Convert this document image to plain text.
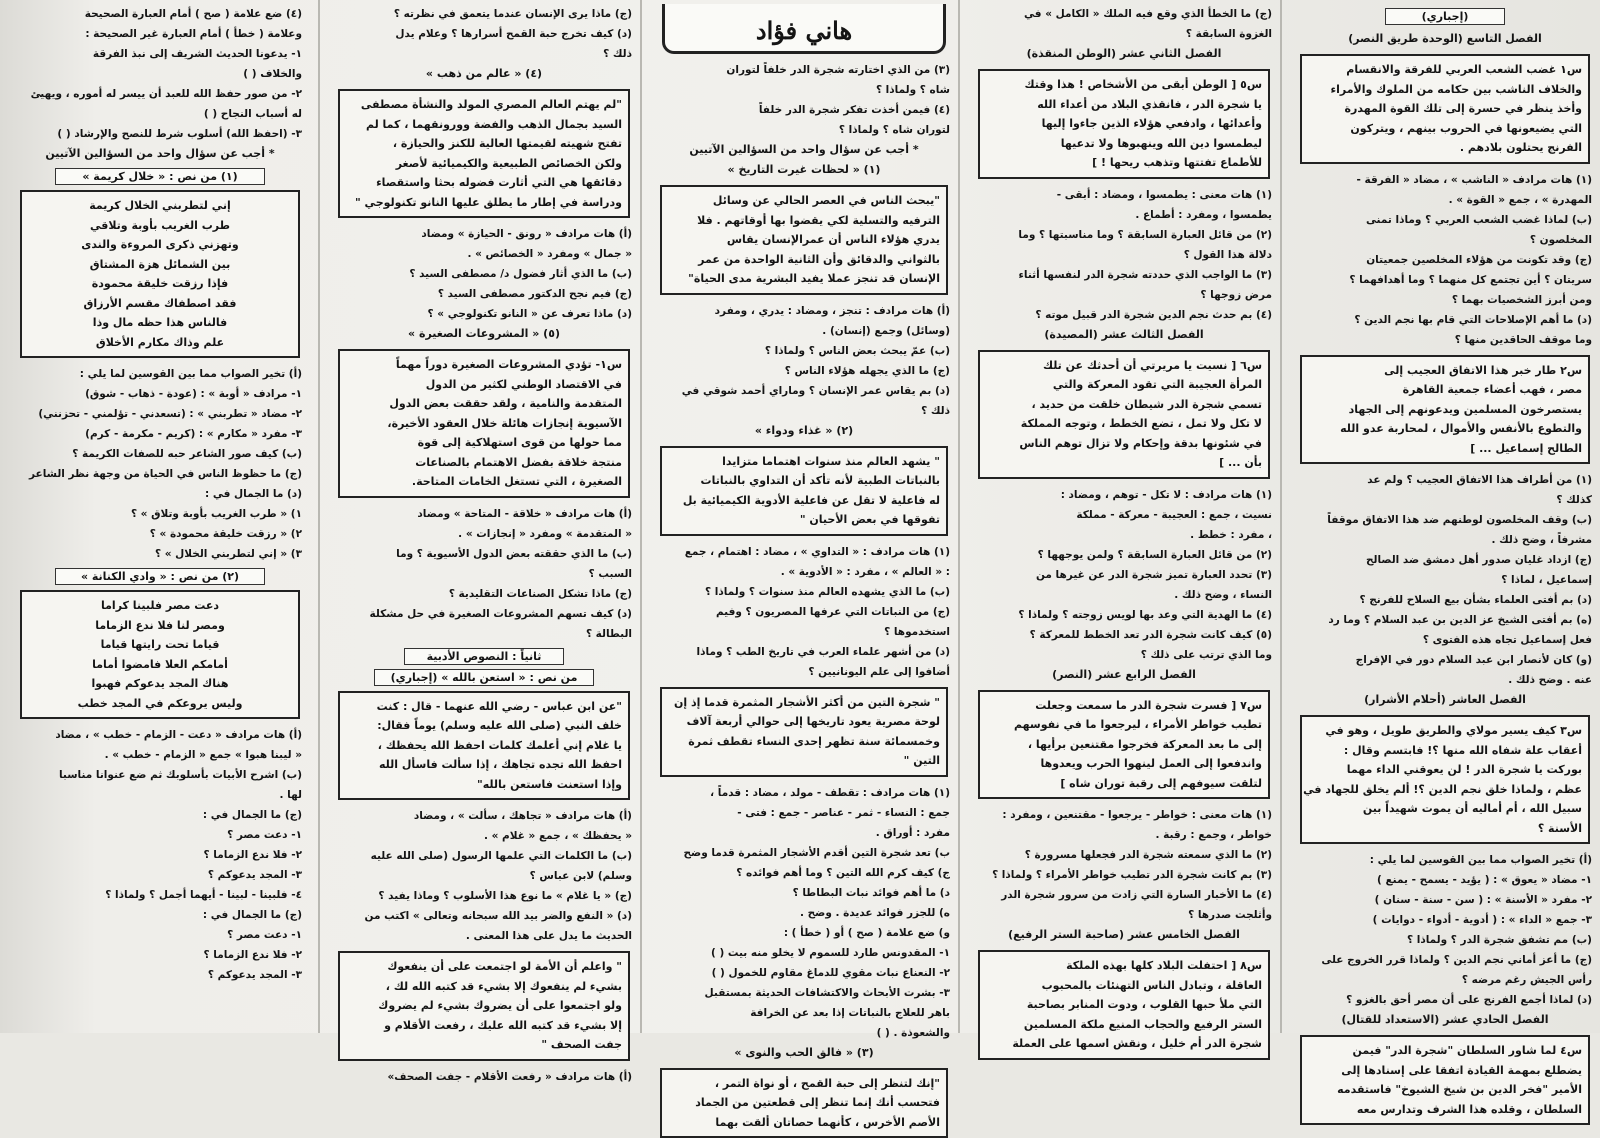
(إجباري)
الفصل التاسع (الوحدة طريق النصر)
س١ غضب الشعب العربي للفرقة والانقسام
والخلاف الناشب بين حكامه من الملوك والأمراء
وأخذ ينظر في حسرة إلى تلك القوة المهدرة
التي يضيعونها في الحروب بينهم ، ويتركون
الفرنج يحتلون بلادهم .
(١) هات مرادف « الناشب » ، مضاد « الفرقة -
المهدرة » ، جمع « القوة » .
(ب) لماذا غضب الشعب العربي ؟ وماذا تمنى
المخلصون ؟
(ج) وقد تكونت من هؤلاء المخلصين جمعيتان
سريتان ؟ أين تجتمع كل منهما ؟ وما أهدافهما ؟
ومن أبرز الشخصيات بهما ؟
(د) ما أهم الإصلاحات التي قام بها نجم الدين ؟
وما موقف الحاقدين منها ؟
س٢ طار خبر هذا الاتفاق العجيب إلى
مصر ، فهب أعضاء جمعية القاهرة
يستصرخون المسلمين ويدعونهم إلى الجهاد
والتطوع بالأنفس والأموال ، لمحاربة عدو الله
الطالح إسماعيل ... ]
(١) من أطراف هذا الاتفاق العجيب ؟ ولم عد
كذلك ؟
(ب) وقف المخلصون لوطنهم ضد هذا الاتفاق موقفاً
مشرفاً ، وضح ذلك .
(ج) ازداد غليان صدور أهل دمشق ضد الصالح
إسماعيل ، لماذا ؟
(د) بم أفتى العلماء بشأن بيع السلاح للفرنج ؟
(ه) بم أفتى الشيخ عز الدين بن عبد السلام ؟ وما رد
فعل إسماعيل تجاه هذه الفتوى ؟
(و) كان لأنصار ابن عبد السلام دور في الإفراج
عنه . وضح ذلك .
الفصل العاشر (أحلام الأشرار)
س٣ كيف يسير مولاي والطريق طويل ، وهو في
أعقاب علة شفاه الله منها ؟! فابتسم وقال :
بوركت يا شجرة الدر ! لن يعوقني الداء مهما
عظم ، ولماذا خلق نجم الدين ؟! ألم يخلق للجهاد في
سبيل الله ، أم أماليه أن يموت شهيداً بين
الأسنة ؟
(أ) تخير الصواب مما بين القوسين لما يلي :
١- مضاد « يعوق » : ( يؤيد - يسمح - يمنع )
٢- مفرد « الأسنة » : ( سن - سنة - سنان )
٣- جمع « الداء » : ( أدوية - أدواء - دوايات )
(ب) مم تشفق شجرة الدر ؟ ولماذا ؟
(ج) ما أعز أماني نجم الدين ؟ ولماذا قرر الخروج على
رأس الجيش رغم مرضه ؟
(د) لماذا أجمع الفرنج على أن مصر أحق بالغزو ؟
الفصل الحادي عشر (الاستعداد للقتال)
س٤ لما شاور السلطان "شجرة الدر" فيمن
يضطلع بمهمة القيادة اتفقا على إسنادها إلى
الأمير "فخر الدين بن شيخ الشيوخ" فاستقدمه
السلطان ، وقلده هذا الشرف وتدارس معه
(ج) ما الخطأ الذي وقع فيه الملك « الكامل » في
الغزوة السابقة ؟
الفصل الثاني عشر (الوطن المنقذة)
س٥ [ الوطن أبقى من الأشخاص ! هذا وقتك
يا شجرة الدر ، فانقذي البلاد من أعداء الله
وأعدائها ، وادفعي هؤلاء الذين جاءوا إليها
ليطمسوا دين الله وينهبوها ولا تدعيها
للأطماع تفتتها وتذهب ريحها ! ]
(١) هات معنى : يطمسوا ، ومضاد : أبقى -
يطمسوا ، ومفرد : أطماع .
(٢) من قائل العبارة السابقة ؟ وما مناسبتها ؟ وما
دلالة هذا القول ؟
(٣) ما الواجب الذي حددته شجرة الدر لنفسها أثناء
مرض زوجها ؟
(٤) بم حدث نجم الدين شجرة الدر قبيل موته ؟
الفصل الثالث عشر (المصيدة)
س٦ [ نسيت يا مريرتي أن أحدثك عن تلك
المرأة العجيبة التي تقود المعركة والتي
تسمي شجرة الدر شيطان خلقت من حديد ،
لا تكل ولا تمل ، تضع الخطط ، وتوجه المملكة
في شئونها بدقة وإحكام ولا تزال توهم الناس
بأن ... ]
(١) هات مرادف : لا تكل - توهم ، ومضاد :
نسيت ، جمع : العجيبة - معركة - مملكة
، مفرد : خطط .
(٢) من قائل العبارة السابقة ؟ ولمن يوجهها ؟
(٣) تحدد العبارة تميز شجرة الدر عن غيرها من
النساء ، وضح ذلك .
(٤) ما الهدية التي وعد بها لويس زوجته ؟ ولماذا ؟
(٥) كيف كانت شجرة الدر تعد الخطط للمعركة ؟
وما الذي ترتب على ذلك ؟
الفصل الرابع عشر (النصر)
س٧ [ فسرت شجرة الدر ما سمعت وجعلت
تطيب خواطر الأمراء ، ليرجعوا ما في نفوسهم
إلى ما بعد المعركة فخرجوا مقتنعين برأيها ،
واندفعوا إلى العمل لينهوا الحرب ويعدوها
لتلقت سيوفهم إلى رقبة توران شاه ]
(١) هات معنى : خواطر - يرجعوا - مقتنعين ، ومفرد :
خواطر ، وجمع : رقبة .
(٢) ما الذي سمعته شجرة الدر فجعلها مسرورة ؟
(٣) بم كانت شجرة الدر تطيب خواطر الأمراء ؟ ولماذا ؟
(٤) ما الأخبار السارة التي زادت من سرور شجرة الدر
وأثلجت صدرها ؟
الفصل الخامس عشر (صاحبة الستر الرفيع)
س٨ [ احتفلت البلاد كلها بهذه الملكة
العاقلة ، وتبادل الناس التهنئات بالمحبوب
التي ملأ حبها القلوب ، ودوت المنابر بصاحبة
الستر الرفيع والحجاب المنيع ملكة المسلمين
شجرة الدر أم خليل ، ونقش اسمها على العملة
هاني فؤاد
(٣) من الذي اختارته شجرة الدر خلفاً لتوران
شاه ؟ ولماذا ؟
(٤) فيمن أخذت تفكر شجرة الدر خلفاً
لتوران شاه ؟ ولماذا ؟
* أجب عن سؤال واحد من السؤالين الآتيين
(١) « لحظات غيرت التاريخ »
"يبحث الناس في العصر الحالي عن وسائل
الترفيه والتسلية لكي يقضوا بها أوقاتهم . فلا
يدري هؤلاء الناس أن عمرالإنسان يقاس
بالثواني والدقائق وأن الثانية الواحدة من عمر
الإنسان قد تنجز عملا يفيد البشرية مدى الحياة"
(أ) هات مرادف : تنجز ، ومضاد : يدري ، ومفرد
(وسائل) وجمع (إنسان) .
(ب) عمّ يبحث بعض الناس ؟ ولماذا ؟
(ج) ما الذي يجهله هؤلاء الناس ؟
(د) بم يقاس عمر الإنسان ؟ وماراي أحمد شوقي في
ذلك ؟
(٢) « غذاء ودواء »
" يشهد العالم منذ سنوات اهتماما متزايدا
بالنباتات الطبية لأنه تأكد أن التداوي بالنباتات
له فاعلية لا تقل عن فاعلية الأدوية الكيميائية بل
تفوقها في بعض الأحيان "
(١) هات مرادف : « التداوي » ، مضاد : اهتمام ، جمع
: « العالم » ، مفرد : « الأدوية » .
(ب) ما الذي يشهده العالم منذ سنوات ؟ ولماذا ؟
(ج) من النباتات التي عرفها المصريون ؟ وفيم
استخدموها ؟
(د) من أشهر علماء العرب في تاريخ الطب ؟ وماذا
أضافوا إلى علم اليونانيين ؟
" شجرة التين من أكثر الأشجار المثمرة قدما إذ إن
لوحة مصرية يعود تاريخها إلى حوالي أربعة آلاف
وخمسمائة سنة تظهر إحدى النساء تقطف ثمرة
التين "
(١) هات مرادف : تقطف - مولد ، مضاد : قدماً ،
جمع : النساء - ثمر - عناصر - جمع : فتى -
مفرد : أوراق .
ب) تعد شجرة التين أقدم الأشجار المثمرة قدما وضح
ج) كيف كرم الله التين ؟ وما أهم فوائده ؟
د) ما أهم فوائد نبات البطاطا ؟
ه) للجزر فوائد عديدة . وضح .
و) ضع علامة ( صح ) أو ( خطأ ) :
١- المقدونس طارد للسموم لا يخلو منه بيت ( )
٢- النعناع نبات مقوي للدماغ مقاوم للخمول ( )
٣- بشرت الأبحاث والاكتشافات الحديثة بمستقبل
باهر للعلاج بالنباتات إذا بعد عن الخرافة
والشعوذة . ( )
(٣) « فالق الحب والنوى »
"إنك لتنظر إلى حبة القمح ، أو نواة التمر ،
فتحسب أنك إنما تنظر إلى قطعتين من الجماد
الأصم الأخرس ، كأنهما حصاتان ألقت بهما
(ج) ماذا يرى الإنسان عندما يتعمق في نظرته ؟
(د) كيف تخرج حبة القمح أسرارها ؟ وعلام يدل
ذلك ؟
(٤) « عالم من ذهب »
"لم يهتم العالم المصري المولد والنشأة مصطفى
السيد بجمال الذهب والفضة وورونقهما ، كما لم
تفتح شهيته لقيمتها العالية للكنز والحيازة ،
ولكن الخصائص الطبيعية والكيميائية لأصغر
دقائقها هي التي أثارت فضوله بحثا واستقصاء
ودراسة في إطار ما يطلق عليها النانو تكنولوجي "
(أ) هات مرادف « رونق - الحيازة » ومضاد
« جمال » ومفرد « الخصائص » .
(ب) ما الذي أثار فضول د/ مصطفى السيد ؟
(ج) فيم نجح الدكتور مصطفى السيد ؟
(د) ماذا تعرف عن « النانو تكنولوجي » ؟
(٥) « المشروعات الصغيرة »
س١- تؤدي المشروعات الصغيرة دوراً مهماً
في الاقتصاد الوطني لكثير من الدول
المتقدمة والنامية ، ولقد حققت بعض الدول
الآسيوية إنجازات هائلة خلال العقود الأخيرة،
مما حولها من قوى استهلاكية إلى قوة
منتجة خلاقة بفضل الاهتمام بالصناعات
الصغيرة ، التي تستغل الخامات المتاحة.
(أ) هات مرادف « خلاقة - المتاحة » ومضاد
« المتقدمة » ومفرد « إنجازات » .
(ب) ما الذي حققته بعض الدول الأسيوية ؟ وما
السبب ؟
(ج) ماذا تشكل الصناعات التقليدية ؟
(د) كيف تسهم المشروعات الصغيرة في حل مشكلة
البطالة ؟
ثانياً : النصوص الأدبية
من نص : « استعن بالله » (إجباري)
"عن ابن عباس - رضي الله عنهما - قال : كنت
خلف النبي (صلى الله عليه وسلم) يوماً فقال:
يا غلام إني أعلمك كلمات احفظ الله يحفظك ،
احفظ الله تجده تجاهك ، إذا سألت فاسأل الله
وإذا استعنت فاستعن بالله"
(أ) هات مرادف « تجاهك ، سألت » ، ومضاد
« يحفظك » ، جمع « غلام » .
(ب) ما الكلمات التي علمها الرسول (صلى الله عليه
وسلم) لابن عباس ؟
(ج) « يا غلام » ما نوع هذا الأسلوب ؟ وماذا يفيد ؟
(د) « النفع والضر بيد الله سبحانه وتعالى » اكتب من
الحديث ما يدل على هذا المعنى .
" واعلم أن الأمة لو اجتمعت على أن ينفعوك
بشيء لم ينفعوك إلا بشيء قد كتبه الله لك ،
ولو اجتمعوا على أن يضروك بشيء لم يضروك
إلا بشيء قد كتبه الله عليك ، رفعت الأقلام و
جفت الصحف "
(أ) هات مرادف « رفعت الأقلام - جفت الصحف»
(٤) ضع علامة ( صح ) أمام العبارة الصحيحة
وعلامة ( خطأ ) أمام العبارة غير الصحيحة :
١- يدعونا الحديث الشريف إلى نبذ الفرقة
والخلاف ( )
٢- من صور حفظ الله للعبد أن ييسر له أموره ، ويهيئ
له أسباب النجاح ( )
٣- (احفظ الله) أسلوب شرط للنصح والإرشاد ( )
* أجب عن سؤال واحد من السؤالين الآتيين
(١) من نص : « خلال كريمة »
إني لتطربني الخلال كريمة
طرب الغريب بأوبة وتلاقي
وتهزني ذكرى المروءة والندى
بين الشمائل هزة المشتاق
فإذا رزقت خليقة محمودة
فقد اصطفاك مقسم الأرزاق
فالناس هذا حظه مال وذا
علم وذاك مكارم الأخلاق
(أ) تخير الصواب مما بين القوسين لما يلي :
١- مرادف « أوبة » : (عودة - ذهاب - شوق)
٢- مضاد « تطربني » : (تسعدني - تؤلمني - تحزنني)
٣- مفرد « مكارم » : (كريم - مكرمة - كرم)
(ب) كيف صور الشاعر حبه للصفات الكريمة ؟
(ج) ما حظوظ الناس في الحياة من وجهة نظر الشاعر
(د) ما الجمال في :
١) « طرب الغريب بأوبة وتلاق » ؟
٢) « رزقت خليقة محمودة » ؟
٣) « إني لتطربني الخلال » ؟
(٢) من نص : « وادي الكنانة »
دعت مصر فلبينا كراما
ومصر لنا فلا ندع الزماما
قياما تحت رايتها قياما
أمامكم العلا فامضوا أماما
هناك المجد يدعوكم فهبوا
وليس يروعكم في المجد خطب
(أ) هات مرادف « دعت - الزمام - خطب » ، مضاد
« ليبنا هبوا » جمع « الزمام - خطب » .
(ب) اشرح الأبيات بأسلوبك ثم ضع عنوانا مناسبا
لها .
(ج) ما الجمال في :
١- دعت مصر ؟
٢- فلا ندع الزماما ؟
٣- المجد يدعوكم ؟
٤- فلبينا - لبينا - أيهما أجمل ؟ ولماذا ؟
(ج) ما الجمال في :
١- دعت مصر ؟
٢- فلا ندع الزماما ؟
٣- المجد يدعوكم ؟
